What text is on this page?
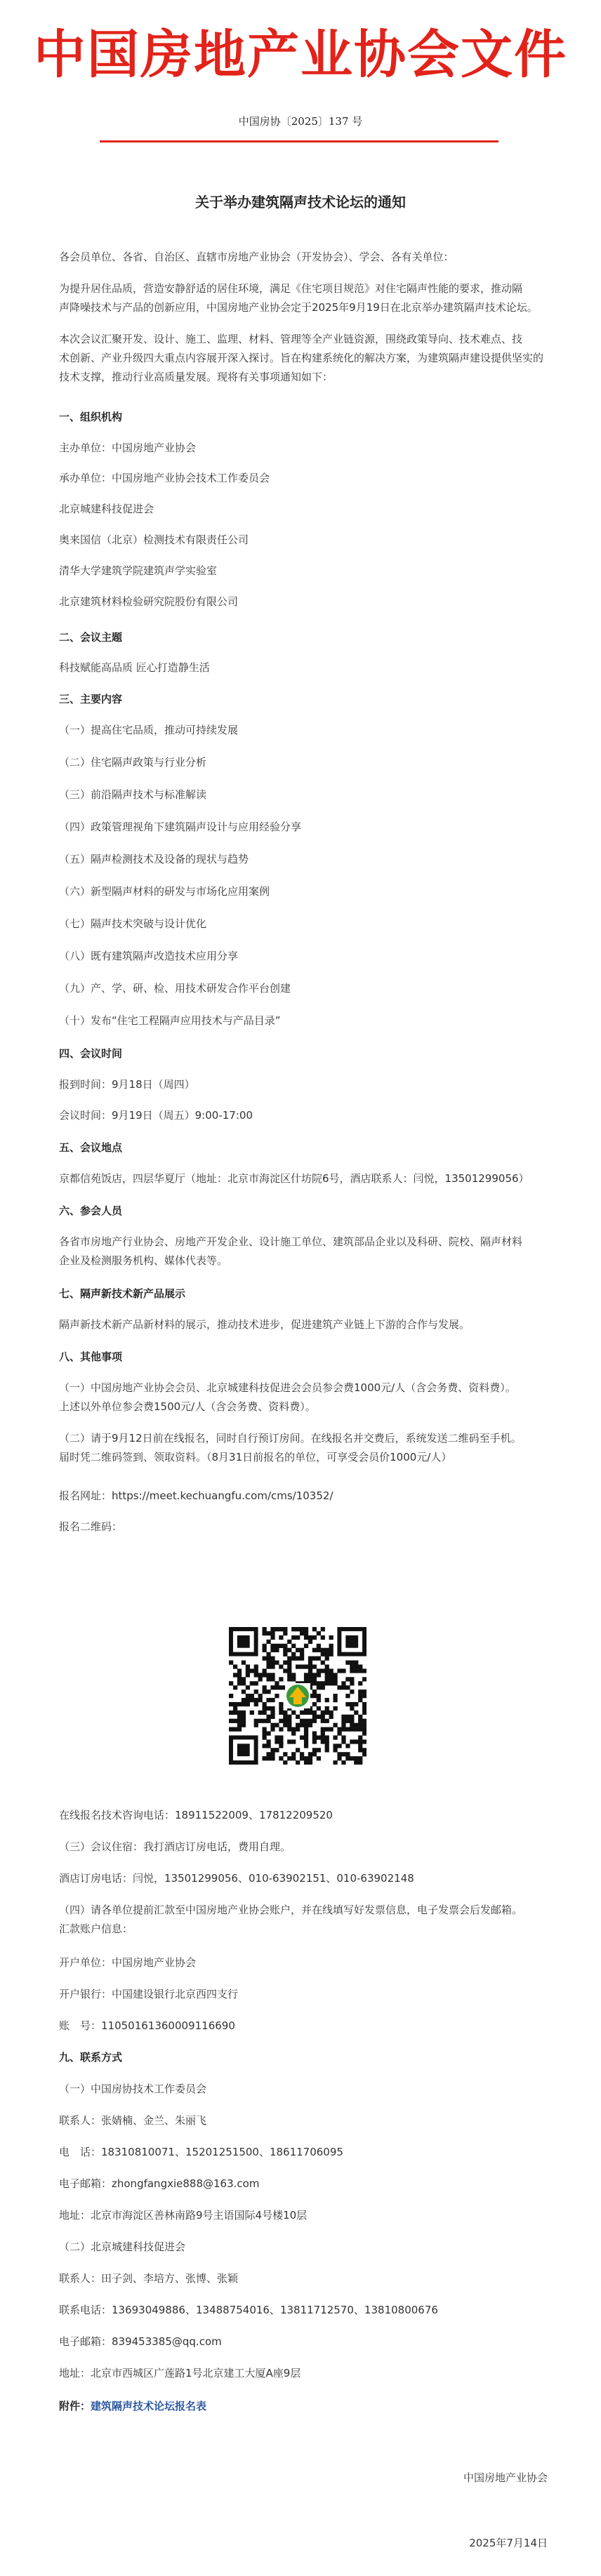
中国房地产业协会文件
中国房协〔2025〕137 号
关于举办建筑隔声技术论坛的通知
各会员单位、各省、自治区、直辖市房地产业协会（开发协会）、学会、各有关单位：
为提升居住品质，营造安静舒适的居住环境，满足《住宅项目规范》对住宅隔声性能的要求，推动隔
声降噪技术与产品的创新应用，中国房地产业协会定于2025年9月19日在北京举办建筑隔声技术论坛。
本次会议汇聚开发、设计、施工、监理、材料、管理等全产业链资源，围绕政策导向、技术难点、技
术创新、产业升级四大重点内容展开深入探讨。旨在构建系统化的解决方案，为建筑隔声建设提供坚实的
技术支撑，推动行业高质量发展。现将有关事项通知如下：
一、组织机构
主办单位：中国房地产业协会
承办单位：中国房地产业协会技术工作委员会
北京城建科技促进会
奥来国信（北京）检测技术有限责任公司
清华大学建筑学院建筑声学实验室
北京建筑材料检验研究院股份有限公司
二、会议主题
科技赋能高品质 匠心打造静生活
三、主要内容
（一）提高住宅品质，推动可持续发展
（二）住宅隔声政策与行业分析
（三）前沿隔声技术与标准解读
（四）政策管理视角下建筑隔声设计与应用经验分享
（五）隔声检测技术及设备的现状与趋势
（六）新型隔声材料的研发与市场化应用案例
（七）隔声技术突破与设计优化
（八）既有建筑隔声改造技术应用分享
（九）产、学、研、检、用技术研发合作平台创建
（十）发布“住宅工程隔声应用技术与产品目录”
四、会议时间
报到时间：9月18日（周四）
会议时间：9月19日（周五）9:00-17:00
五、会议地点
京都信苑饭店，四层华夏厅（地址：北京市海淀区什坊院6号，酒店联系人：闫悦，13501299056）
六、参会人员
各省市房地产行业协会、房地产开发企业、设计施工单位、建筑部品企业以及科研、院校、隔声材料
企业及检测服务机构、媒体代表等。
七、隔声新技术新产品展示
隔声新技术新产品新材料的展示，推动技术进步，促进建筑产业链上下游的合作与发展。
八、其他事项
（一）中国房地产业协会会员、北京城建科技促进会会员参会费1000元/人（含会务费、资料费）。
上述以外单位参会费1500元/人（含会务费、资料费）。
（二）请于9月12日前在线报名，同时自行预订房间。在线报名并交费后，系统发送二维码至手机。
届时凭二维码签到、领取资料。（8月31日前报名的单位，可享受会员价1000元/人）
报名网址：https://meet.kechuangfu.com/cms/10352/
报名二维码：
在线报名技术咨询电话：18911522009、17812209520
（三）会议住宿：我打酒店订房电话，费用自理。
酒店订房电话：闫悦，13501299056、010-63902151、010-63902148
（四）请各单位提前汇款至中国房地产业协会账户，并在线填写好发票信息，电子发票会后发邮箱。
汇款账户信息：
开户单位：中国房地产业协会
开户银行：中国建设银行北京西四支行
账　号：11050161360009116690
九、联系方式
（一）中国房协技术工作委员会
联系人：张婧楠、金兰、朱丽飞
电　话：18310810071、15201251500、18611706095
电子邮箱：zhongfangxie888@163.com
地址：北京市海淀区善林南路9号主语国际4号楼10层
（二）北京城建科技促进会
联系人：田子剑、李培方、张博、张颖
联系电话：13693049886、13488754016、13811712570、13810800676
电子邮箱：839453385@qq.com
地址：北京市西城区广莲路1号北京建工大厦A座9层
附件：建筑隔声技术论坛报名表
中国房地产业协会
2025年7月14日
